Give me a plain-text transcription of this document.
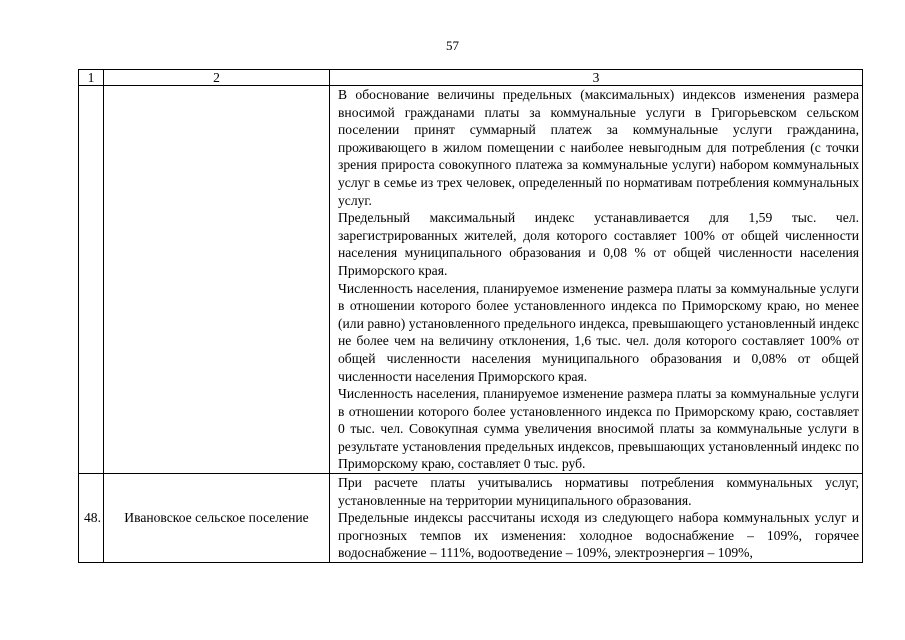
57
1	2	3

		В обоснование величины предельных (максимальных) индексов изменения размера вносимой гражданами платы за коммунальные услуги в Григорьевском сельском поселении принят суммарный платеж за коммунальные услуги гражданина, проживающего в жилом помещении с наиболее невыгодным для потребления (с точки зрения прироста совокупного платежа за коммунальные услуги) набором коммунальных услуг в семье из трех человек, определенный по нормативам потребления коммунальных услуг.

Предельный максимальный индекс устанавливается для 1,59 тыс. чел. зарегистрированных жителей, доля которого составляет 100% от общей численности населения муниципального образования и 0,08 % от общей численности населения Приморского края.

Численность населения, планируемое изменение размера платы за коммунальные услуги в отношении которого более установленного индекса по Приморскому краю, но менее (или равно) установленного предельного индекса, превышающего установленный индекс не более чем на величину отклонения, 1,6 тыс. чел. доля которого составляет 100% от общей численности населения муниципального образования и 0,08% от общей численности населения Приморского края.

Численность населения, планируемое изменение размера платы за коммунальные услуги в отношении которого более установленного индекса по Приморскому краю, составляет 0 тыс. чел. Совокупная сумма увеличения вносимой платы за коммунальные услуги в результате установления предельных индексов, превышающих установленный индекс по Приморскому краю, составляет 0 тыс. руб.

48.	Ивановское сельское поселение	При расчете платы учитывались нормативы потребления коммунальных услуг, установленные на территории муниципального образования.

Предельные индексы рассчитаны исходя из следующего набора коммунальных услуг и прогнозных темпов их изменения: холодное водоснабжение – 109%, горячее водоснабжение – 111%, водоотведение – 109%, электроэнергия – 109%,
